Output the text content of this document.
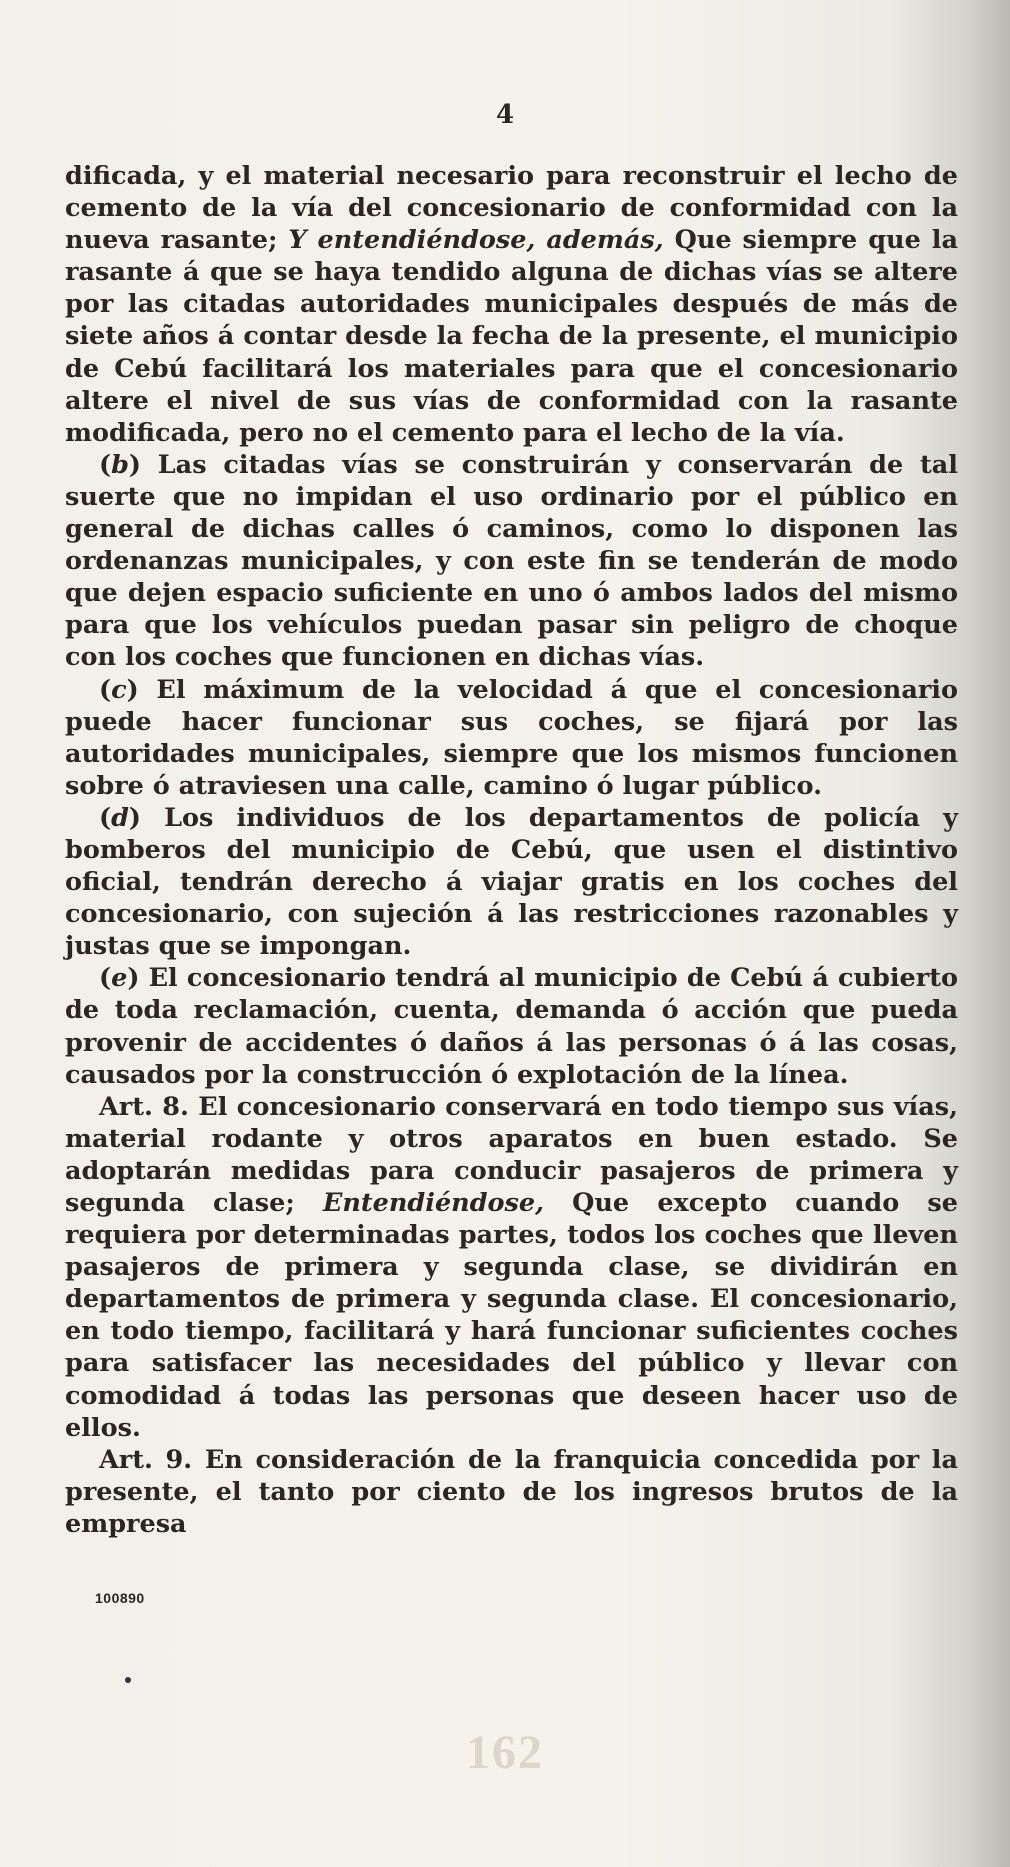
4

dificada, y el material necesario para reconstruir el lecho de cemento de la vía del concesionario de conformidad con la nueva rasante; Y entendiéndose, además, Que siempre que la rasante á que se haya tendido alguna de dichas vías se altere por las citadas autoridades municipales después de más de siete años á contar desde la fecha de la presente, el municipio de Cebú facilitará los materiales para que el concesionario altere el nivel de sus vías de conformidad con la rasante modificada, pero no el cemento para el lecho de la vía.

(b) Las citadas vías se construirán y conservarán de tal suerte que no impidan el uso ordinario por el público en general de dichas calles ó caminos, como lo disponen las ordenanzas municipales, y con este fin se tenderán de modo que dejen espacio suficiente en uno ó ambos lados del mismo para que los vehículos puedan pasar sin peligro de choque con los coches que funcionen en dichas vías.

(c) El máximum de la velocidad á que el concesionario puede hacer funcionar sus coches, se fijará por las autoridades municipales, siempre que los mismos funcionen sobre ó atraviesen una calle, camino ó lugar público.

(d) Los individuos de los departamentos de policía y bomberos del municipio de Cebú, que usen el distintivo oficial, tendrán derecho á viajar gratis en los coches del concesionario, con sujeción á las restricciones razonables y justas que se impongan.

(e) El concesionario tendrá al municipio de Cebú á cubierto de toda reclamación, cuenta, demanda ó acción que pueda provenir de accidentes ó daños á las personas ó á las cosas, causados por la construcción ó explotación de la línea.

Art. 8. El concesionario conservará en todo tiempo sus vías, material rodante y otros aparatos en buen estado. Se adoptarán medidas para conducir pasajeros de primera y segunda clase; Entendiéndose, Que excepto cuando se requiera por determinadas partes, todos los coches que lleven pasajeros de primera y segunda clase, se dividirán en departamentos de primera y segunda clase. El concesionario, en todo tiempo, facilitará y hará funcionar suficientes coches para satisfacer las necesidades del público y llevar con comodidad á todas las personas que deseen hacer uso de ellos.

Art. 9. En consideración de la franquicia concedida por la presente, el tanto por ciento de los ingresos brutos de la empresa

100890
162
